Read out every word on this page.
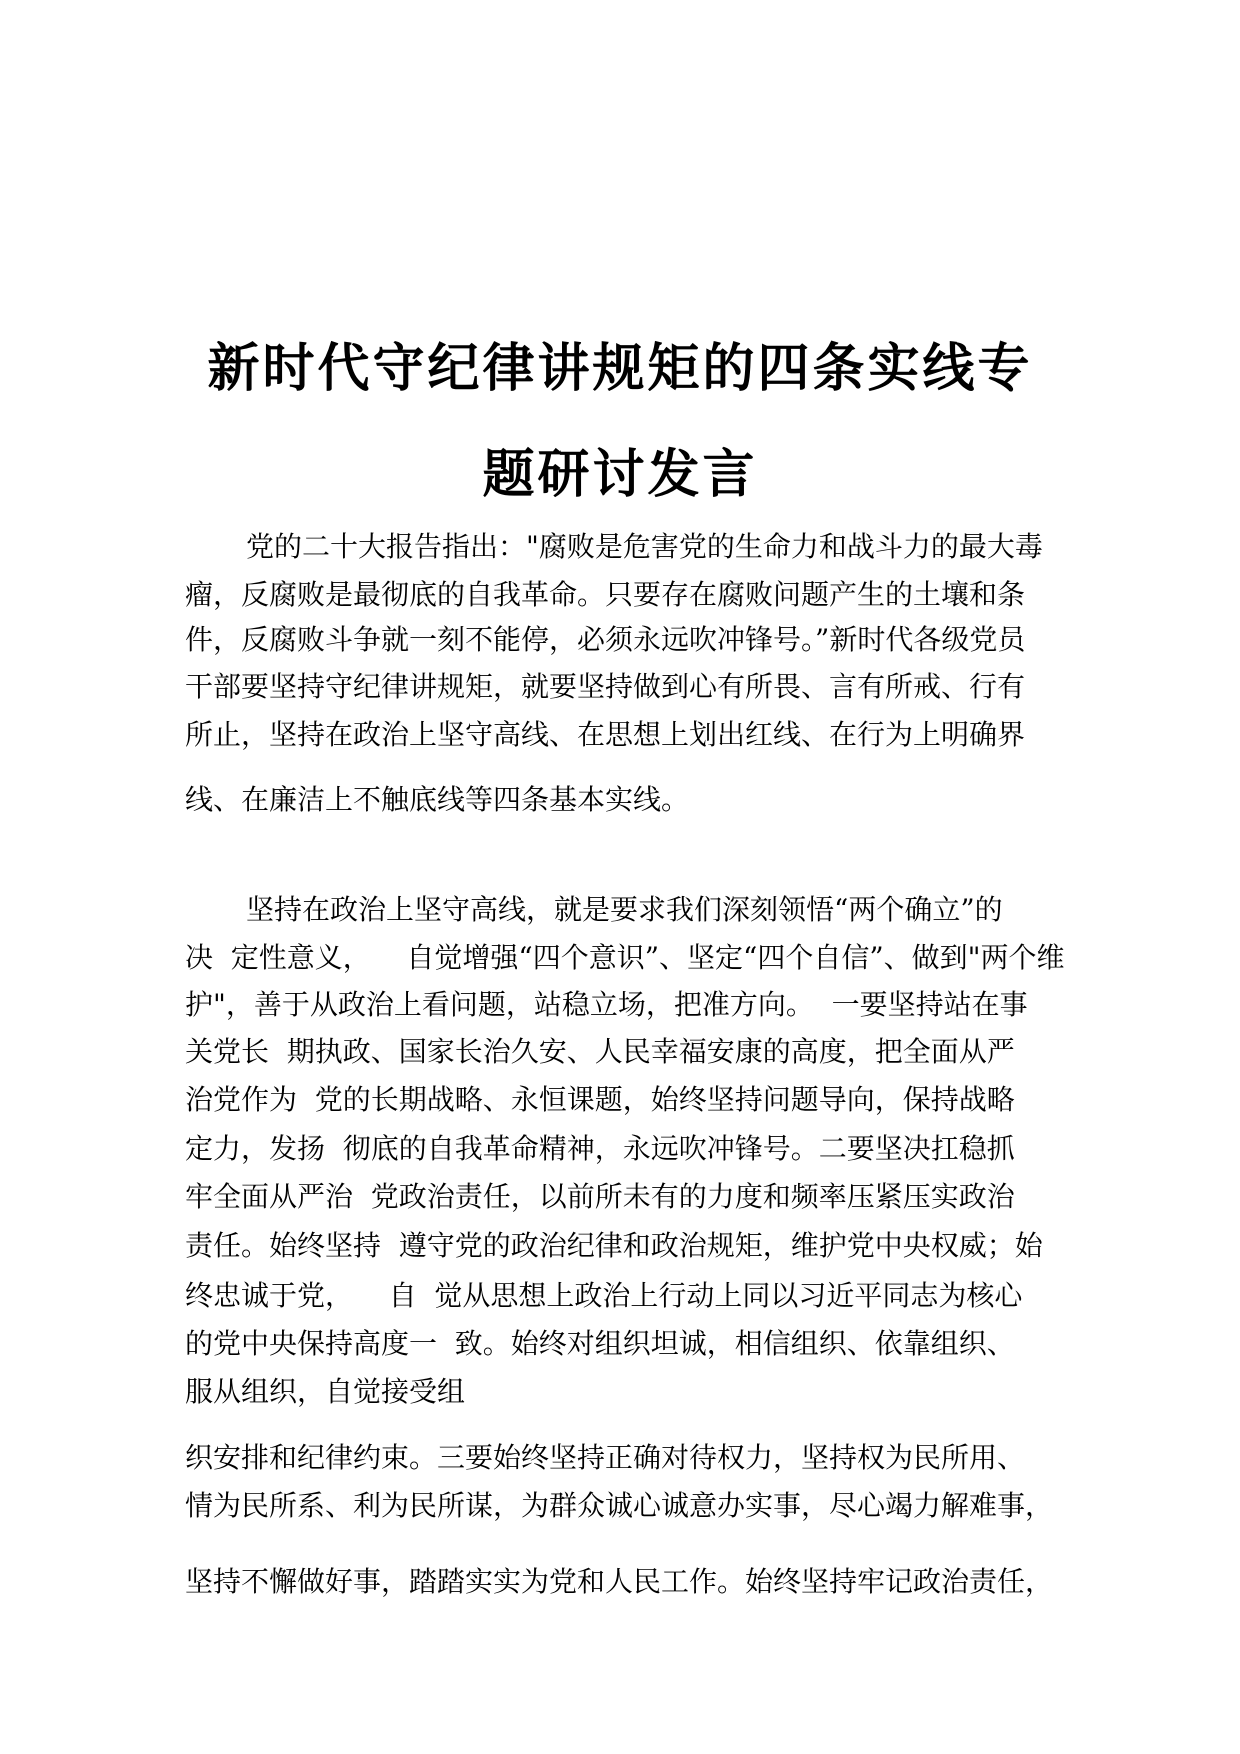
新时代守纪律讲规矩的四条实线专
题研讨发言
党的二十大报告指出："腐败是危害党的生命力和战斗力的最大毒
瘤，反腐败是最彻底的自我革命。只要存在腐败问题产生的土壤和条
件，反腐败斗争就一刻不能停，必须永远吹冲锋号。”新时代各级党员
干部要坚持守纪律讲规矩，就要坚持做到心有所畏、言有所戒、行有
所止，坚持在政治上坚守高线、在思想上划出红线、在行为上明确界
线、在廉洁上不触底线等四条基本实线。
坚持在政治上坚守高线，就是要求我们深刻领悟“两个确立”的
决  定性意义，    自觉增强“四个意识”、坚定“四个自信”、做到"两个维
护"，善于从政治上看问题，站稳立场，把准方向。  一要坚持站在事
关党长  期执政、国家长治久安、人民幸福安康的高度，把全面从严
治党作为  党的长期战略、永恒课题，始终坚持问题导向，保持战略
定力，发扬  彻底的自我革命精神，永远吹冲锋号。二要坚决扛稳抓
牢全面从严治  党政治责任，以前所未有的力度和频率压紧压实政治
责任。始终坚持  遵守党的政治纪律和政治规矩，维护党中央权威；始
终忠诚于党，    自  觉从思想上政治上行动上同以习近平同志为核心
的党中央保持高度一  致。始终对组织坦诚，相信组织、依靠组织、
服从组织，自觉接受组
织安排和纪律约束。三要始终坚持正确对待权力，坚持权为民所用、
情为民所系、利为民所谋，为群众诚心诚意办实事，尽心竭力解难事，
坚持不懈做好事，踏踏实实为党和人民工作。始终坚持牢记政治责任，
